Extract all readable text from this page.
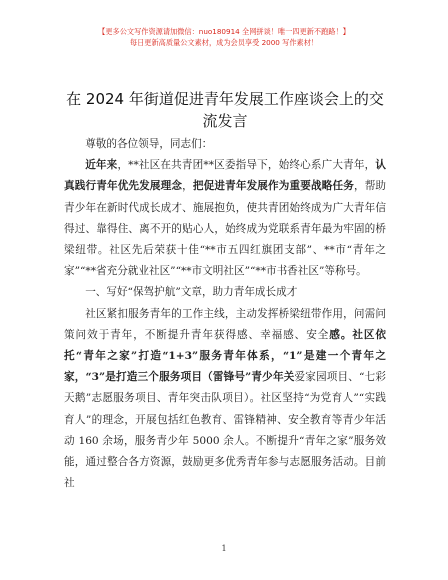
【更多公文写作资源请加微信：nuo180914 全网拼谈！唯一四更新不跑路！】
每日更新高质量公文素材，成为会员享受 2000 写作素材！
在 2024 年街道促进青年发展工作座谈会上的交流发言

尊敬的各位领导，同志们：

近年来，**社区在共青团**区委指导下，始终心系广大青年，认真践行青年优先发展理念，把促进青年发展作为重要战略任务，帮助青少年在新时代成长成才、施展抱负，使共青团始终成为广大青年信得过、靠得住、离不开的贴心人，始终成为党联系青年最为牢固的桥梁纽带。社区先后荣获十佳“**市五四红旗团支部”、**市“青年之家”“**省充分就业社区”“**市文明社区”“**市书香社区”等称号。

一、写好“保驾护航”文章，助力青年成长成才

社区紧扣服务青年的工作主线，主动发挥桥梁纽带作用，问需问策问效于青年，不断提升青年获得感、幸福感、安全感。社区依托“青年之家”打造“1+3”服务青年体系，“1”是建一个青年之家，“3”是打造三个服务项目（雷锋号”青少年关爱家园项目、“七彩天鹅”志愿服务项目、青年突击队项目）。社区坚持“为党育人”“实践育人”的理念，开展包括红色教育、雷锋精神、安全教育等青少年活动 160 余场，服务青少年 5000 余人。不断提升“青年之家”服务效能，通过整合各方资源，鼓励更多优秀青年参与志愿服务活动。目前社

1
